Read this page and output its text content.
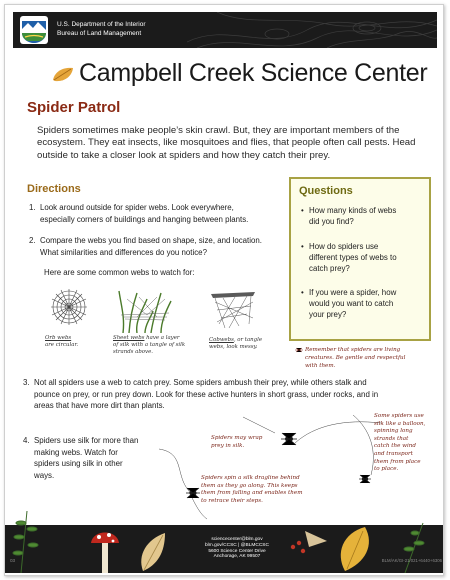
U.S. Department of the Interior
Bureau of Land Management
Campbell Creek Science Center
Spider Patrol
Spiders sometimes make people’s skin crawl. But, they are important members of the ecosystem. They eat insects, like mosquitoes and flies, that people often call pests. Head outside to take a closer look at spiders and how they catch their prey.
Directions
1. Look around outside for spider webs. Look everywhere,
especially corners of buildings and hanging between plants.
2. Compare the webs you find based on shape, size, and location.
What similarities and differences do you notice?
Here are some common webs to watch for:
Orb webs
are circular.
Sheet webs have a layer
of silk with a tangle of silk
strands above.
Cobwebs, or tangle
webs, look messy.
Questions
• How many kinds of webs
did you find?
• How do spiders use
different types of webs to
catch prey?
• If you were a spider, how
would you want to catch
your prey?
Remember that spiders are living
creatures. Be gentle and respectful
with them.
3. Not all spiders use a web to catch prey. Some spiders ambush their prey, while others stalk and
pounce on prey, or run prey down. Look for these active hunters in short grass, under rocks, and in
areas that have more dirt than plants.
4. Spiders use silk for more than
making webs. Watch for
spiders using silk in other
ways.
Spiders may wrap
prey in silk.
Some spiders use
silk like a balloon,
spinning long
strands that
catch the wind
and transport
them from place
to place.
Spiders spin a silk dragline behind
them as they go along. This keeps
them from falling and enables them
to retrace their steps.
sciencecenter@blm.gov
blm.gov/CCSC | @BLMCCSC
5600 Science Center Drive
Anchorage, AK 99507
03	BLM/AK/GI-21/021+6440+6306
